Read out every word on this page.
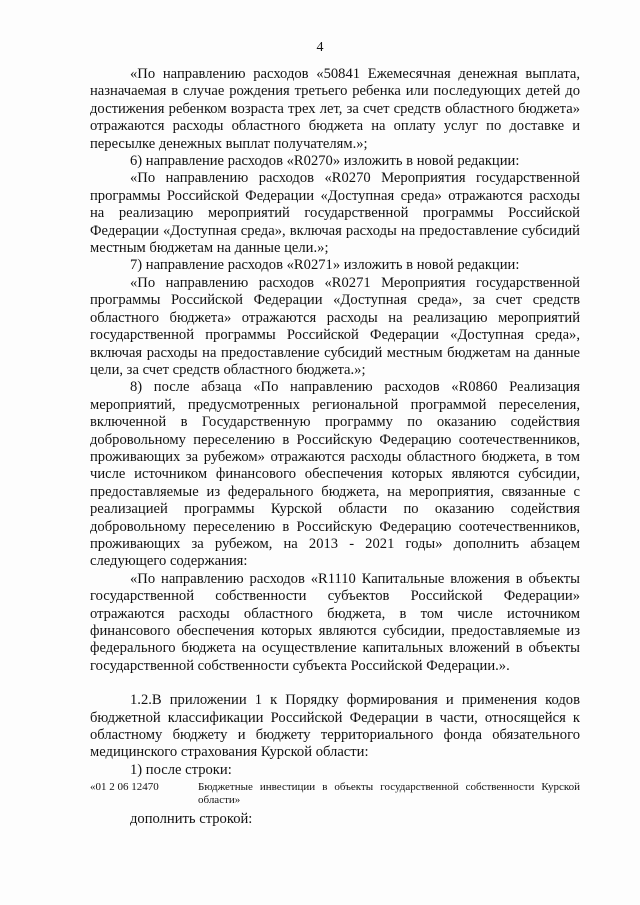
4

«По направлению расходов «50841 Ежемесячная денежная выплата, назначаемая в случае рождения третьего ребенка или последующих детей до достижения ребенком возраста трех лет, за счет средств областного бюджета» отражаются расходы областного бюджета на оплату услуг по доставке и пересылке денежных выплат получателям.»;

6) направление расходов «R0270» изложить в новой редакции:

«По направлению расходов «R0270 Мероприятия государственной программы Российской Федерации «Доступная среда» отражаются расходы на реализацию мероприятий государственной программы Российской Федерации «Доступная среда», включая расходы на предоставление субсидий местным бюджетам на данные цели.»;

7) направление расходов «R0271» изложить в новой редакции:

«По направлению расходов «R0271 Мероприятия государственной программы Российской Федерации «Доступная среда», за счет средств областного бюджета» отражаются расходы на реализацию мероприятий государственной программы Российской Федерации «Доступная среда», включая расходы на предоставление субсидий местным бюджетам на данные цели, за счет средств областного бюджета.»;

8) после абзаца «По направлению расходов «R0860 Реализация мероприятий, предусмотренных региональной программой переселения, включенной в Государственную программу по оказанию содействия добровольному переселению в Российскую Федерацию соотечественников, проживающих за рубежом» отражаются расходы областного бюджета, в том числе источником финансового обеспечения которых являются субсидии, предоставляемые из федерального бюджета, на мероприятия, связанные с реализацией программы Курской области по оказанию содействия добровольному переселению в Российскую Федерацию соотечественников, проживающих за рубежом, на 2013 - 2021 годы» дополнить абзацем следующего содержания:

«По направлению расходов «R1110 Капитальные вложения в объекты государственной собственности субъектов Российской Федерации» отражаются расходы областного бюджета, в том числе источником финансового обеспечения которых являются субсидии, предоставляемые из федерального бюджета на осуществление капитальных вложений в объекты государственной собственности субъекта Российской Федерации.».

1.2.В приложении 1 к Порядку формирования и применения кодов бюджетной классификации Российской Федерации в части, относящейся к областному бюджету и бюджету территориального фонда обязательного медицинского страхования Курской области:

1) после строки:

«01 2 06 12470	Бюджетные инвестиции в объекты государственной собственности Курской области»

дополнить строкой:
